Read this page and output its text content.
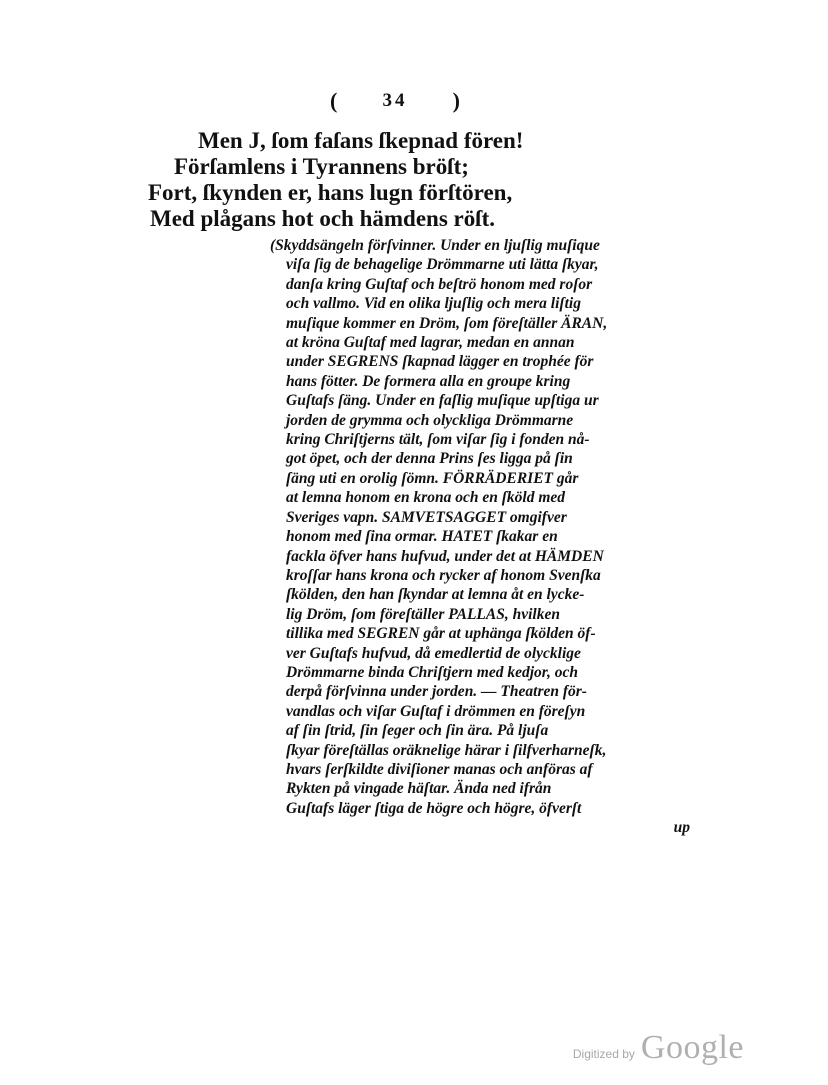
( 34 )
Men J, ſom faſans ſkepnad fören!
Förſamlens i Tyrannens bröſt;
Fort, ſkynden er, hans lugn förſtören,
Med plågans hot och hämdens röſt.
(Skyddsängeln förſvinner. Under en ljuſlig muſique
viſa ſig de behagelige Drömmarne uti lätta ſkyar,
danſa kring Guſtaf och beſtrö honom med roſor
och vallmo. Vid en olika ljuſlig och mera liſtig
muſique kommer en Dröm, ſom föreſtäller ÄRAN,
at kröna Guſtaf med lagrar, medan en annan
under SEGRENS ſkapnad lägger en trophée för
hans fötter. De formera alla en groupe kring
Guſtafs ſäng. Under en faſlig muſique upſtiga ur
jorden de grymma och olyckliga Drömmarne
kring Chriſtjerns tält, ſom viſar ſig i fonden nå-
got öpet, och der denna Prins ſes ligga på ſin
ſäng uti en orolig ſömn. FÖRRÄDERIET går
at lemna honom en krona och en ſköld med
Sveriges vapn. SAMVETSAGGET omgifver
honom med ſina ormar. HATET ſkakar en
fackla öfver hans hufvud, under det at HÄMDEN
kroſſar hans krona och rycker af honom Svenſka
ſkölden, den han ſkyndar at lemna åt en lycke-
lig Dröm, ſom föreſtäller PALLAS, hvilken
tillika med SEGREN går at uphänga ſkölden öf-
ver Guſtafs hufvud, då emedlertid de olycklige
Drömmarne binda Chriſtjern med kedjor, och
derpå förſvinna under jorden. — Theatren för-
vandlas och viſar Guſtaf i drömmen en föreſyn
af ſin ſtrid, ſin ſeger och ſin ära. På ljuſa
ſkyar föreſtällas oräknelige härar i ſilfverharneſk,
hvars ſerſkildte diviſioner manas och anföras af
Rykten på vingade häſtar. Ända ned ifrån
Guſtafs läger ſtiga de högre och högre, öfverſt
up
Digitized by Google
